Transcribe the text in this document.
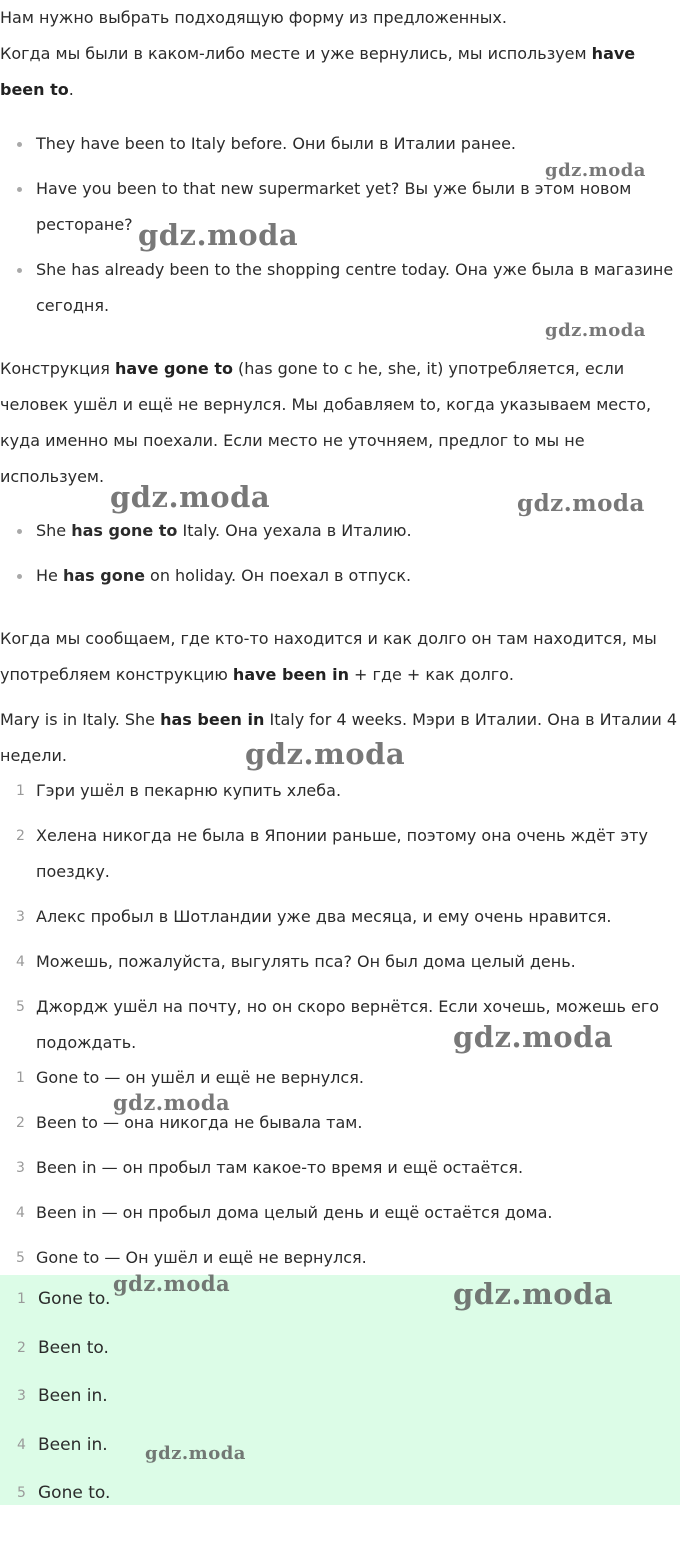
Нам нужно выбрать подходящую форму из предложенных.
Когда мы были в каком-либо месте и уже вернулись, мы используем have been to.

They have been to Italy before. Они были в Италии ранее.
Have you been to that new supermarket yet? Вы уже были в этом новом ресторане?
She has already been to the shopping centre today. Она уже была в магазине сегодня.

Конструкция have gone to (has gone to с he, she, it) употребляется, если человек ушёл и ещё не вернулся. Мы добавляем to, когда указываем место, куда именно мы поехали. Если место не уточняем, предлог to мы не используем.

She has gone to Italy. Она уехала в Италию.
He has gone on holiday. Он поехал в отпуск.

Когда мы сообщаем, где кто-то находится и как долго он там находится, мы употребляем конструкцию have been in + где + как долго.

Mary is in Italy. She has been in Italy for 4 weeks. Мэри в Италии. Она в Италии 4 недели.

1 Гэри ушёл в пекарню купить хлеба.
2 Хелена никогда не была в Японии раньше, поэтому она очень ждёт эту поездку.
3 Алекс пробыл в Шотландии уже два месяца, и ему очень нравится.
4 Можешь, пожалуйста, выгулять пса? Он был дома целый день.
5 Джордж ушёл на почту, но он скоро вернётся. Если хочешь, можешь его подождать.
1 Gone to — он ушёл и ещё не вернулся.
2 Been to — она никогда не бывала там.
3 Been in — он пробыл там какое-то время и ещё остаётся.
4 Been in — он пробыл дома целый день и ещё остаётся дома.
5 Gone to — Он ушёл и ещё не вернулся.
1 Gone to.
2 Been to.
3 Been in.
4 Been in.
5 Gone to.
gdz.moda
gdz.moda
gdz.moda
gdz.moda	gdz.moda
gdz.moda
gdz.moda
gdz.moda
gdz.moda	gdz.moda
gdz.moda
